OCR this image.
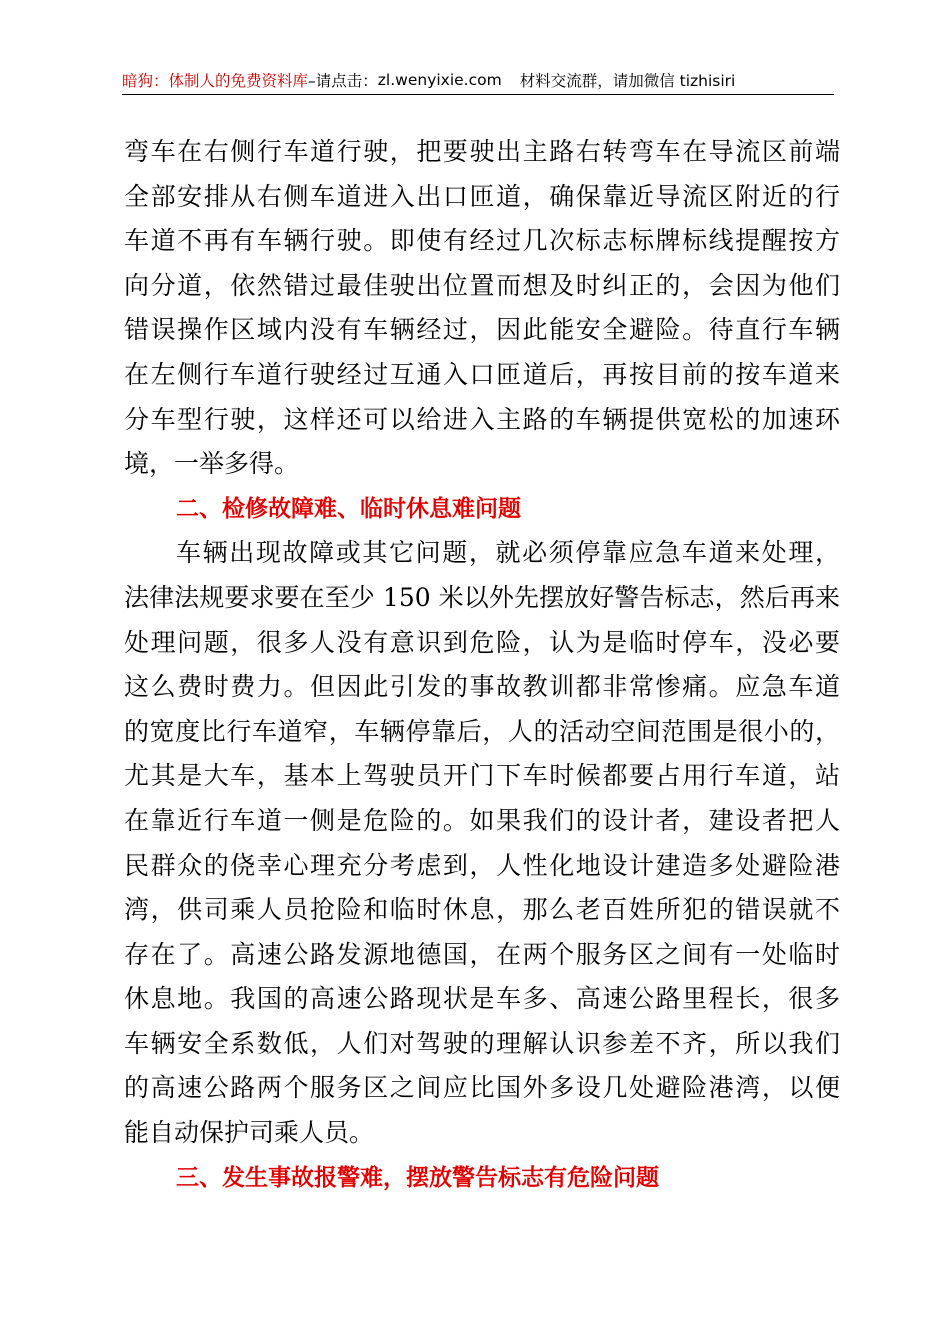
暗狗：体制人的免费资料库 –请点击： zl.wenyixie.com 材料交流群，请加微信 tizhisiri
弯车在右侧行车道行驶，把要驶出主路右转弯车在导流区前端
全部安排从右侧车道进入出口匝道，确保靠近导流区附近的行
车道不再有车辆行驶。即使有经过几次标志标牌标线提醒按方
向分道，依然错过最佳驶出位置而想及时纠正的，会因为他们
错误操作区域内没有车辆经过，因此能安全避险。待直行车辆
在左侧行车道行驶经过互通入口匝道后，再按目前的按车道来
分车型行驶，这样还可以给进入主路的车辆提供宽松的加速环
境，一举多得。
二、检修故障难、临时休息难问题
车辆出现故障或其它问题，就必须停靠应急车道来处理，
法律法规要求要在至少 150 米以外先摆放好警告标志，然后再来
处理问题，很多人没有意识到危险，认为是临时停车，没必要
这么费时费力。但因此引发的事故教训都非常惨痛。应急车道
的宽度比行车道窄，车辆停靠后，人的活动空间范围是很小的，
尤其是大车，基本上驾驶员开门下车时候都要占用行车道，站
在靠近行车道一侧是危险的。如果我们的设计者，建设者把人
民群众的侥幸心理充分考虑到，人性化地设计建造多处避险港
湾，供司乘人员抢险和临时休息，那么老百姓所犯的错误就不
存在了。高速公路发源地德国，在两个服务区之间有一处临时
休息地。我国的高速公路现状是车多、高速公路里程长，很多
车辆安全系数低，人们对驾驶的理解认识参差不齐，所以我们
的高速公路两个服务区之间应比国外多设几处避险港湾，以便
能自动保护司乘人员。
三、发生事故报警难，摆放警告标志有危险问题
